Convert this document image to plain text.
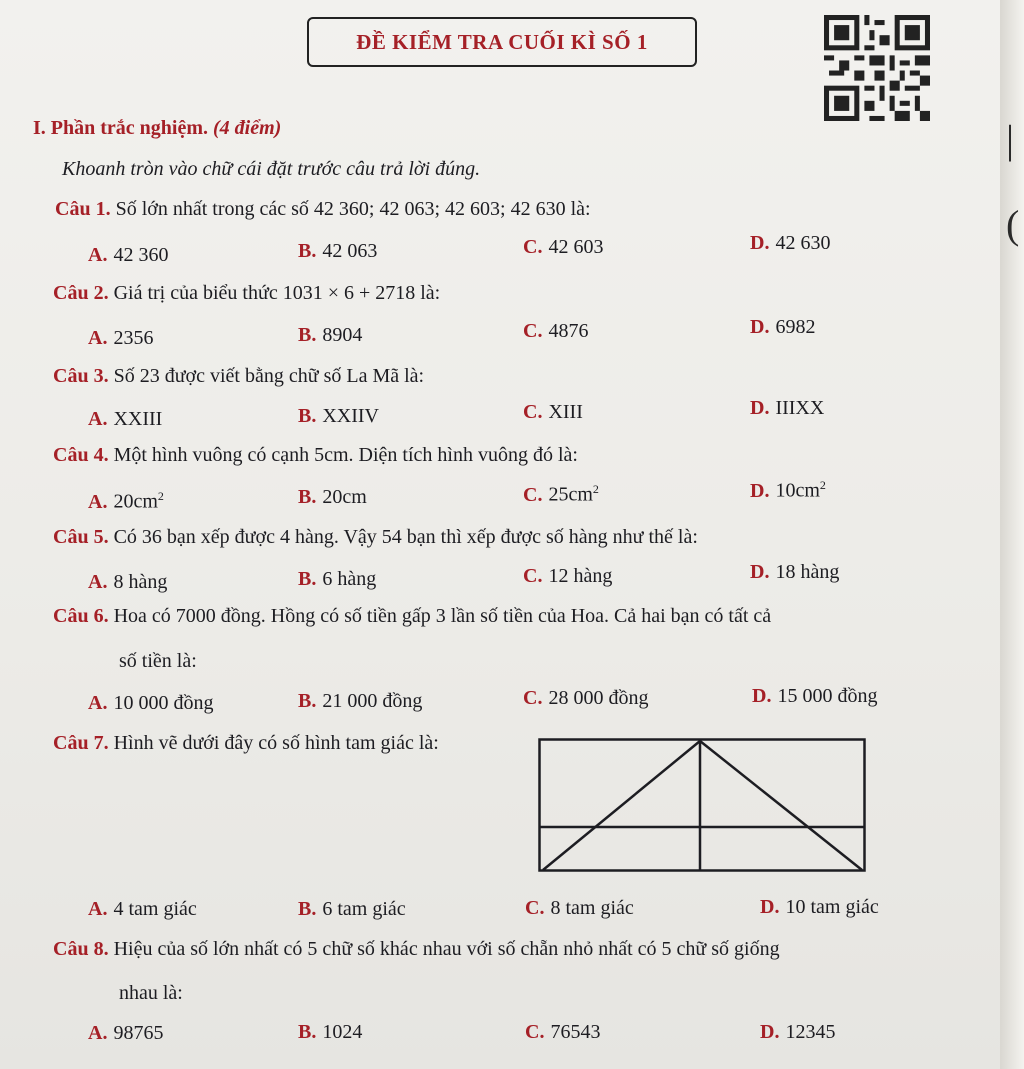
|
(
ĐỀ KIỂM TRA CUỐI KÌ SỐ 1
I. Phần trắc nghiệm. (4 điểm)
Khoanh tròn vào chữ cái đặt trước câu trả lời đúng.
Câu 1. Số lớn nhất trong các số 42 360; 42 063; 42 603; 42 630 là:
A. 42 360	B. 42 063	C. 42 603	D. 42 630
Câu 2. Giá trị của biểu thức 1031 × 6 + 2718 là:
A. 2356	B. 8904	C. 4876	D. 6982
Câu 3. Số 23 được viết bằng chữ số La Mã là:
A. XXIII	B. XXIIV	C. XIII	D. IIIXX
Câu 4. Một hình vuông có cạnh 5cm. Diện tích hình vuông đó là:
A. $20cm^2$	B. 20cm	C. $25cm^2$	D. $10cm^2$
Câu 5. Có 36 bạn xếp được 4 hàng. Vậy 54 bạn thì xếp được số hàng như thế là:
A. 8 hàng	B. 6 hàng	C. 12 hàng	D. 18 hàng
Câu 6. Hoa có 7000 đồng. Hồng có số tiền gấp 3 lần số tiền của Hoa. Cả hai bạn có tất cả
số tiền là:
A. 10 000 đồng	B. 21 000 đồng	C. 28 000 đồng	D. 15 000 đồng
Câu 7. Hình vẽ dưới đây có số hình tam giác là:
A. 4 tam giác	B. 6 tam giác	C. 8 tam giác	D. 10 tam giác
Câu 8. Hiệu của số lớn nhất có 5 chữ số khác nhau với số chẵn nhỏ nhất có 5 chữ số giống
nhau là:
A. 98765	B. 1024	C. 76543	D. 12345
